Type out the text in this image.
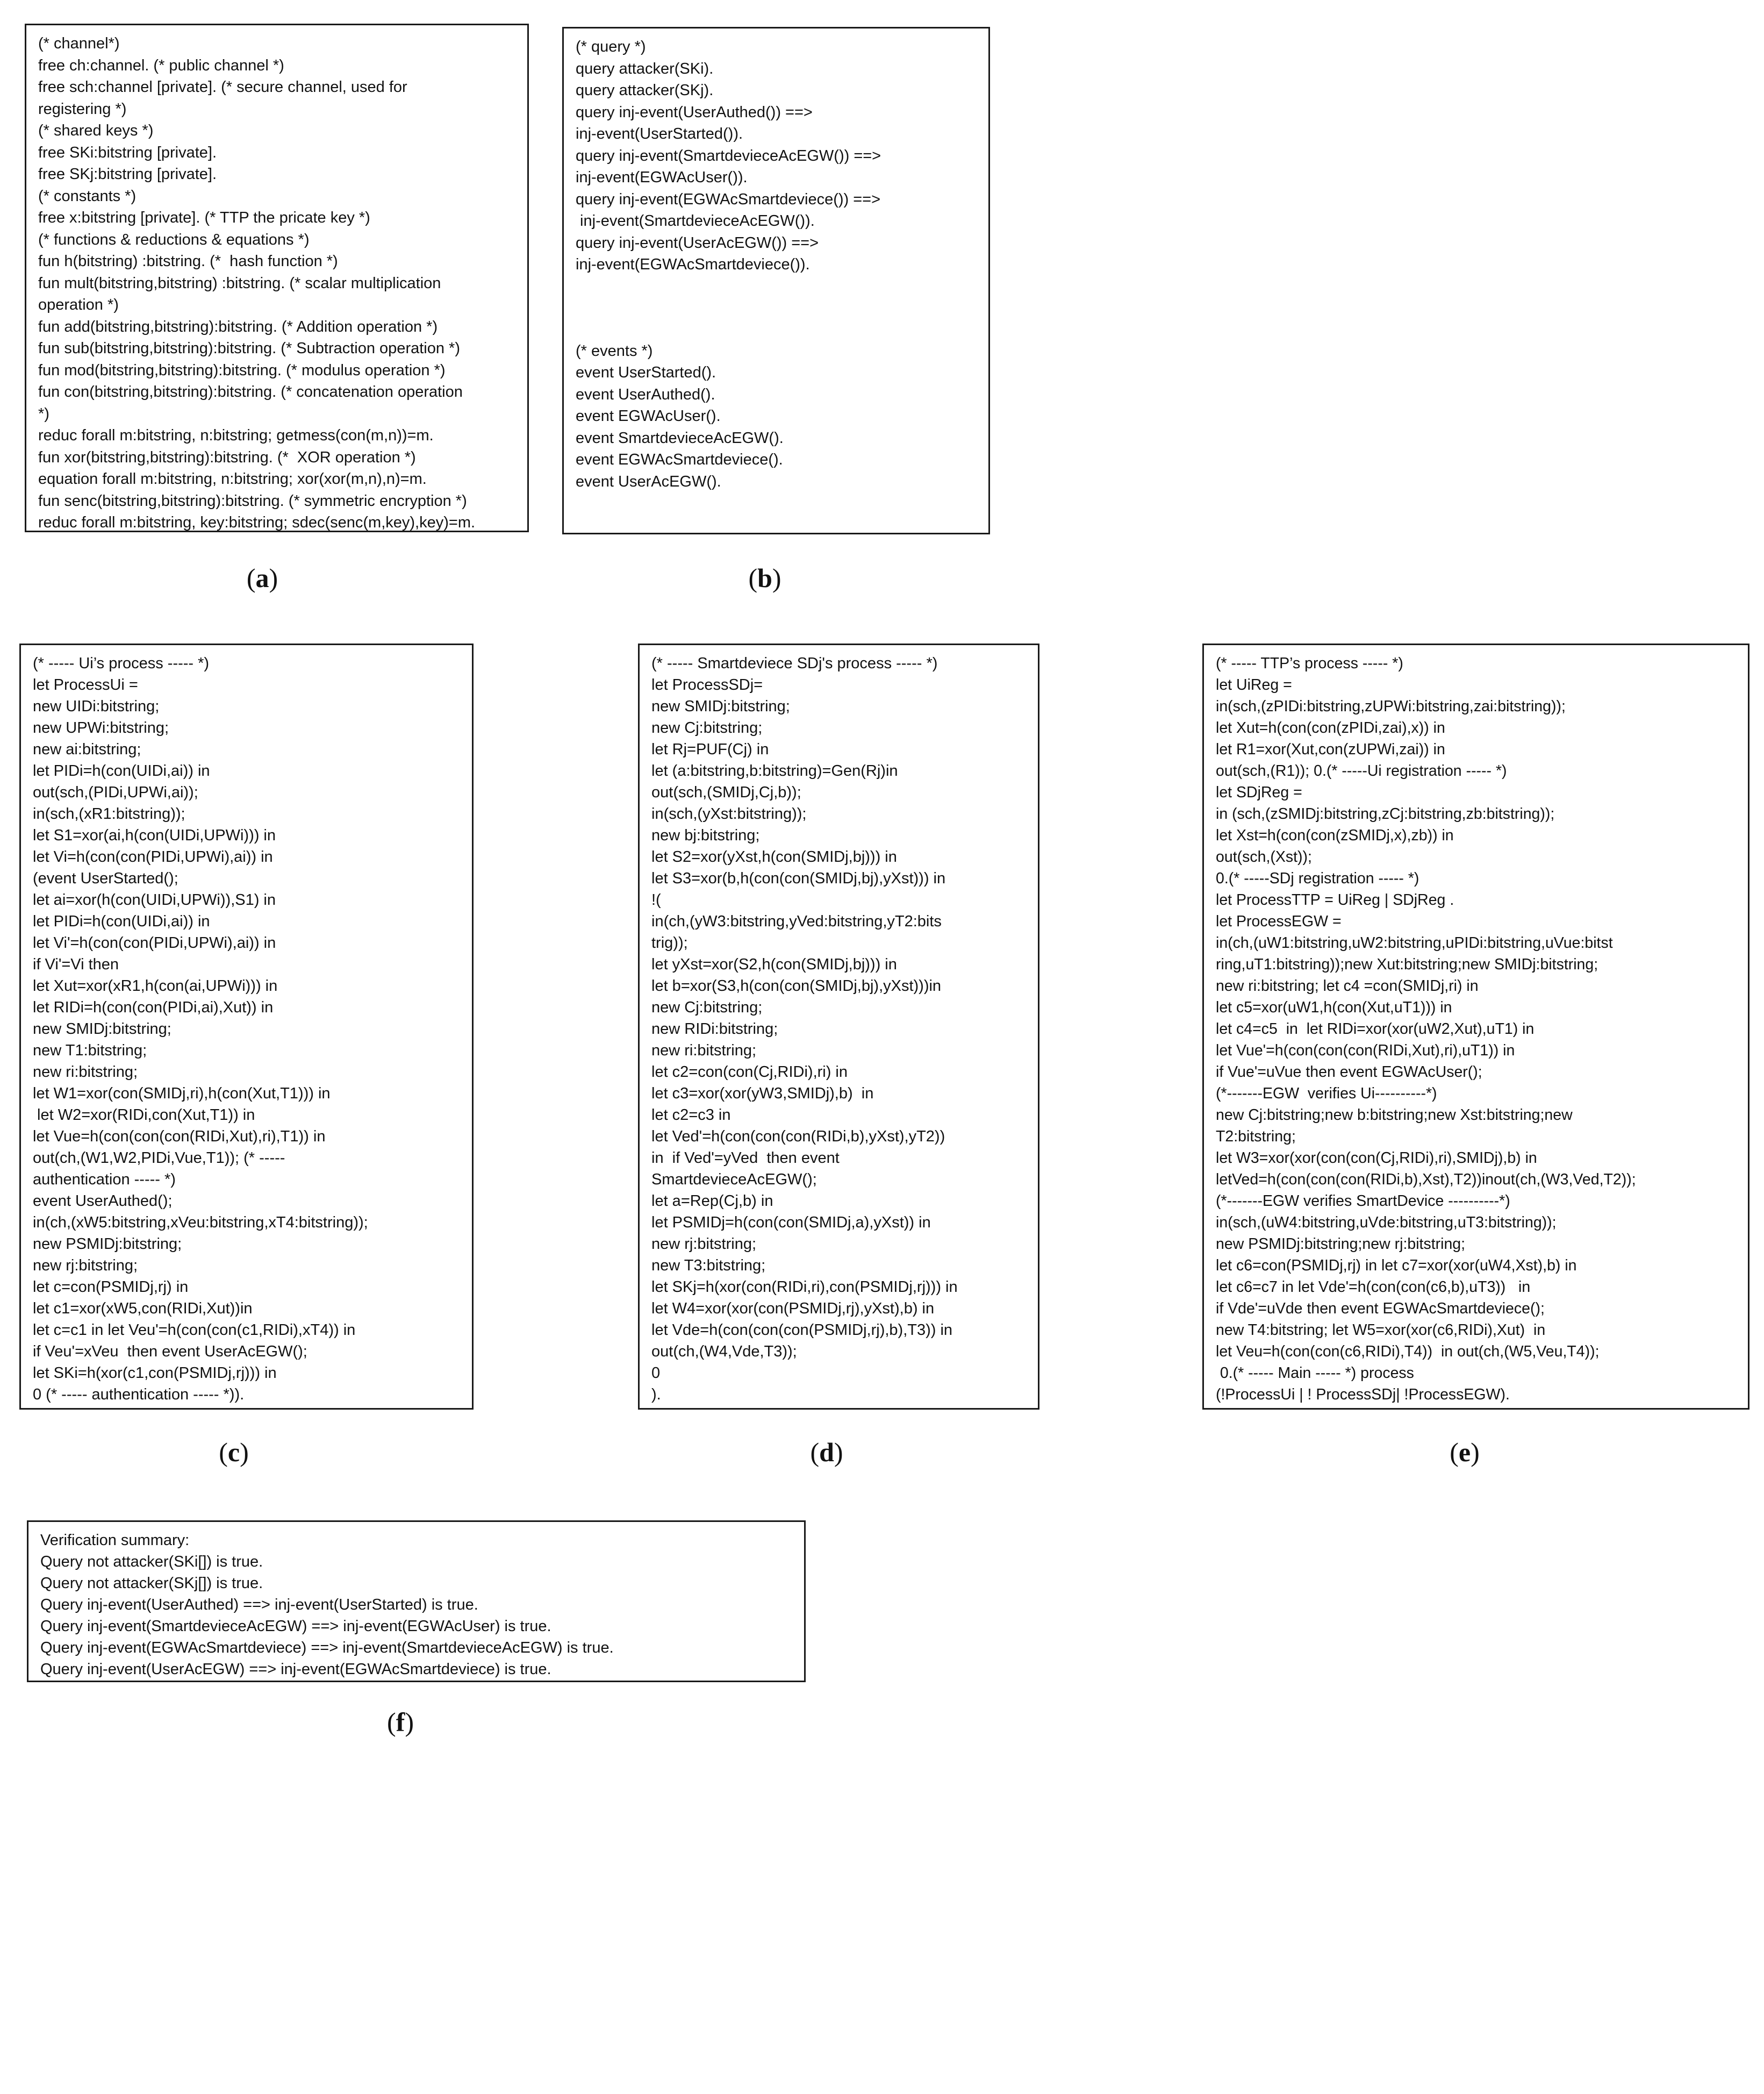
(* channel*)
free ch:channel. (* public channel *)
free sch:channel [private]. (* secure channel, used for
registering *)
(* shared keys *)
free SKi:bitstring [private].
free SKj:bitstring [private].
(* constants *)
free x:bitstring [private]. (* TTP the pricate key *)
(* functions & reductions & equations *)
fun h(bitstring) :bitstring. (*  hash function *)
fun mult(bitstring,bitstring) :bitstring. (* scalar multiplication
operation *)
fun add(bitstring,bitstring):bitstring. (* Addition operation *)
fun sub(bitstring,bitstring):bitstring. (* Subtraction operation *)
fun mod(bitstring,bitstring):bitstring. (* modulus operation *)
fun con(bitstring,bitstring):bitstring. (* concatenation operation
*)
reduc forall m:bitstring, n:bitstring; getmess(con(m,n))=m.
fun xor(bitstring,bitstring):bitstring. (*  XOR operation *)
equation forall m:bitstring, n:bitstring; xor(xor(m,n),n)=m.
fun senc(bitstring,bitstring):bitstring. (* symmetric encryption *)
reduc forall m:bitstring, key:bitstring; sdec(senc(m,key),key)=m.
(a)
(* query *)
query attacker(SKi).
query attacker(SKj).
query inj-event(UserAuthed()) ==>
inj-event(UserStarted()).
query inj-event(SmartdevieceAcEGW()) ==>
inj-event(EGWAcUser()).
query inj-event(EGWAcSmartdeviece()) ==>
inj-event(SmartdevieceAcEGW()).
query inj-event(UserAcEGW()) ==>
inj-event(EGWAcSmartdeviece()).
(* events *)
event UserStarted().
event UserAuthed().
event EGWAcUser().
event SmartdevieceAcEGW().
event EGWAcSmartdeviece().
event UserAcEGW().
(b)
(* ----- Ui’s process ----- *)
let ProcessUi =
new UIDi:bitstring;
new UPWi:bitstring;
new ai:bitstring;
let PIDi=h(con(UIDi,ai)) in
out(sch,(PIDi,UPWi,ai));
in(sch,(xR1:bitstring));
let S1=xor(ai,h(con(UIDi,UPWi))) in
let Vi=h(con(con(PIDi,UPWi),ai)) in
(event UserStarted();
let ai=xor(h(con(UIDi,UPWi)),S1) in
let PIDi=h(con(UIDi,ai)) in
let Vi'=h(con(con(PIDi,UPWi),ai)) in
if Vi'=Vi then
let Xut=xor(xR1,h(con(ai,UPWi))) in
let RIDi=h(con(con(PIDi,ai),Xut)) in
new SMIDj:bitstring;
new T1:bitstring;
new ri:bitstring;
let W1=xor(con(SMIDj,ri),h(con(Xut,T1))) in
let W2=xor(RIDi,con(Xut,T1)) in
let Vue=h(con(con(con(RIDi,Xut),ri),T1)) in
out(ch,(W1,W2,PIDi,Vue,T1)); (* -----
authentication ----- *)
event UserAuthed();
in(ch,(xW5:bitstring,xVeu:bitstring,xT4:bitstring));
new PSMIDj:bitstring;
new rj:bitstring;
let c=con(PSMIDj,rj) in
let c1=xor(xW5,con(RIDi,Xut))in
let c=c1 in let Veu'=h(con(con(c1,RIDi),xT4)) in
if Veu'=xVeu  then event UserAcEGW();
let SKi=h(xor(c1,con(PSMIDj,rj))) in
0 (* ----- authentication ----- *)).
(c)
(* ----- Smartdeviece SDj's process ----- *)
let ProcessSDj=
new SMIDj:bitstring;
new Cj:bitstring;
let Rj=PUF(Cj) in
let (a:bitstring,b:bitstring)=Gen(Rj)in
out(sch,(SMIDj,Cj,b));
in(sch,(yXst:bitstring));
new bj:bitstring;
let S2=xor(yXst,h(con(SMIDj,bj))) in
let S3=xor(b,h(con(con(SMIDj,bj),yXst))) in
!(
in(ch,(yW3:bitstring,yVed:bitstring,yT2:bits
trig));
let yXst=xor(S2,h(con(SMIDj,bj))) in
let b=xor(S3,h(con(con(SMIDj,bj),yXst)))in
new Cj:bitstring;
new RIDi:bitstring;
new ri:bitstring;
let c2=con(con(Cj,RIDi),ri) in
let c3=xor(xor(yW3,SMIDj),b)  in
let c2=c3 in
let Ved'=h(con(con(con(RIDi,b),yXst),yT2))
in  if Ved'=yVed  then event
SmartdevieceAcEGW();
let a=Rep(Cj,b) in
let PSMIDj=h(con(con(SMIDj,a),yXst)) in
new rj:bitstring;
new T3:bitstring;
let SKj=h(xor(con(RIDi,ri),con(PSMIDj,rj))) in
let W4=xor(xor(con(PSMIDj,rj),yXst),b) in
let Vde=h(con(con(con(PSMIDj,rj),b),T3)) in
out(ch,(W4,Vde,T3));
0
).
(d)
(* ----- TTP’s process ----- *)
let UiReg =
in(sch,(zPIDi:bitstring,zUPWi:bitstring,zai:bitstring));
let Xut=h(con(con(zPIDi,zai),x)) in
let R1=xor(Xut,con(zUPWi,zai)) in
out(sch,(R1)); 0.(* -----Ui registration ----- *)
let SDjReg =
in (sch,(zSMIDj:bitstring,zCj:bitstring,zb:bitstring));
let Xst=h(con(con(zSMIDj,x),zb)) in
out(sch,(Xst));
0.(* -----SDj registration ----- *)
let ProcessTTP = UiReg | SDjReg .
let ProcessEGW =
in(ch,(uW1:bitstring,uW2:bitstring,uPIDi:bitstring,uVue:bitst
ring,uT1:bitstring));new Xut:bitstring;new SMIDj:bitstring;
new ri:bitstring; let c4 =con(SMIDj,ri) in
let c5=xor(uW1,h(con(Xut,uT1))) in
let c4=c5  in  let RIDi=xor(xor(uW2,Xut),uT1) in
let Vue'=h(con(con(con(RIDi,Xut),ri),uT1)) in
if Vue'=uVue then event EGWAcUser();
(*-------EGW  verifies Ui----------*)
new Cj:bitstring;new b:bitstring;new Xst:bitstring;new
T2:bitstring;
let W3=xor(xor(con(con(Cj,RIDi),ri),SMIDj),b) in
letVed=h(con(con(con(RIDi,b),Xst),T2))inout(ch,(W3,Ved,T2));
(*-------EGW verifies SmartDevice ----------*)
in(sch,(uW4:bitstring,uVde:bitstring,uT3:bitstring));
new PSMIDj:bitstring;new rj:bitstring;
let c6=con(PSMIDj,rj) in let c7=xor(xor(uW4,Xst),b) in
let c6=c7 in let Vde'=h(con(con(c6,b),uT3))   in
if Vde'=uVde then event EGWAcSmartdeviece();
new T4:bitstring; let W5=xor(xor(c6,RIDi),Xut)  in
let Veu=h(con(con(c6,RIDi),T4))  in out(ch,(W5,Veu,T4));
0.(* ----- Main ----- *) process
(!ProcessUi | ! ProcessSDj| !ProcessEGW).
(e)
Verification summary:
Query not attacker(SKi[]) is true.
Query not attacker(SKj[]) is true.
Query inj-event(UserAuthed) ==> inj-event(UserStarted) is true.
Query inj-event(SmartdevieceAcEGW) ==> inj-event(EGWAcUser) is true.
Query inj-event(EGWAcSmartdeviece) ==> inj-event(SmartdevieceAcEGW) is true.
Query inj-event(UserAcEGW) ==> inj-event(EGWAcSmartdeviece) is true.
(f)
